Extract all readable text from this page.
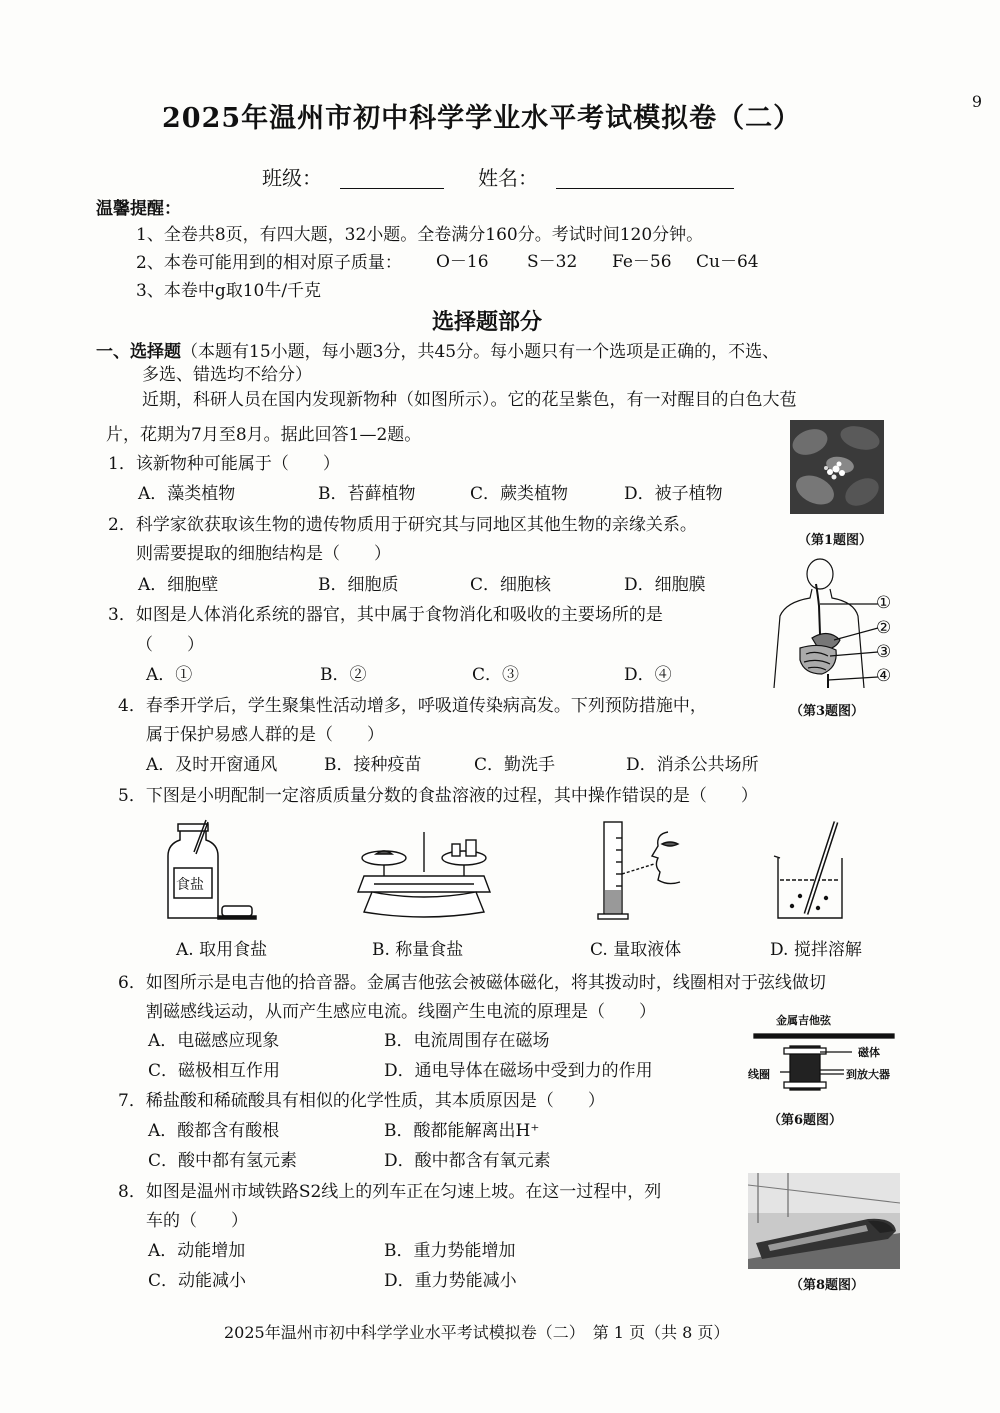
9
2025年温州市初中科学学业水平考试模拟卷（二）
班级：	姓名：
温馨提醒：
1、全卷共8页，有四大题，32小题。全卷满分160分。考试时间120分钟。
2、本卷可能用到的相对原子质量： O－16 S－32 Fe－56 Cu－64
3、本卷中g取10牛/千克
选择题部分
一、选择题（本题有15小题，每小题3分，共45分。每小题只有一个选项是正确的，不选、
多选、错选均不给分）
近期，科研人员在国内发现新物种（如图所示）。它的花呈紫色，有一对醒目的白色大苞
片，花期为7月至8月。据此回答1—2题。
1．该新物种可能属于（　　）
A．藻类植物	B．苔藓植物	C．蕨类植物	D．被子植物
（第1题图）
2．科学家欲获取该生物的遗传物质用于研究其与同地区其他生物的亲缘关系。
则需要提取的细胞结构是（　　）
A．细胞壁	B．细胞质	C．细胞核	D．细胞膜
3．如图是人体消化系统的器官，其中属于食物消化和吸收的主要场所的是
（　　）
A．①	B．②	C．③	D．④
①
②
③
④
（第3题图）
4．春季开学后，学生聚集性活动增多，呼吸道传染病高发。下列预防措施中，
属于保护易感人群的是（　　）
A．及时开窗通风	B．接种疫苗	C．勤洗手	D．消杀公共场所
5．下图是小明配制一定溶质质量分数的食盐溶液的过程，其中操作错误的是（　　）
食盐
A. 取用食盐	B. 称量食盐	C. 量取液体	D. 搅拌溶解
6．如图所示是电吉他的拾音器。金属吉他弦会被磁体磁化，将其拨动时，线圈相对于弦线做切
割磁感线运动，从而产生感应电流。线圈产生电流的原理是（　　）
A．电磁感应现象	B．电流周围存在磁场
C．磁极相互作用	D．通电导体在磁场中受到力的作用
金属吉他弦
磁体
线圈	到放大器
（第6题图）
7．稀盐酸和稀硫酸具有相似的化学性质，其本质原因是（　　）
A．酸都含有酸根	B．酸都能解离出H⁺
C．酸中都有氢元素	D．酸中都含有氧元素
8．如图是温州市域铁路S2线上的列车正在匀速上坡。在这一过程中，列
车的（　　）
A．动能增加	B．重力势能增加
C．动能减小	D．重力势能减小	（第8题图）
2025年温州市初中科学学业水平考试模拟卷（二）　第 1 页（共 8 页）
